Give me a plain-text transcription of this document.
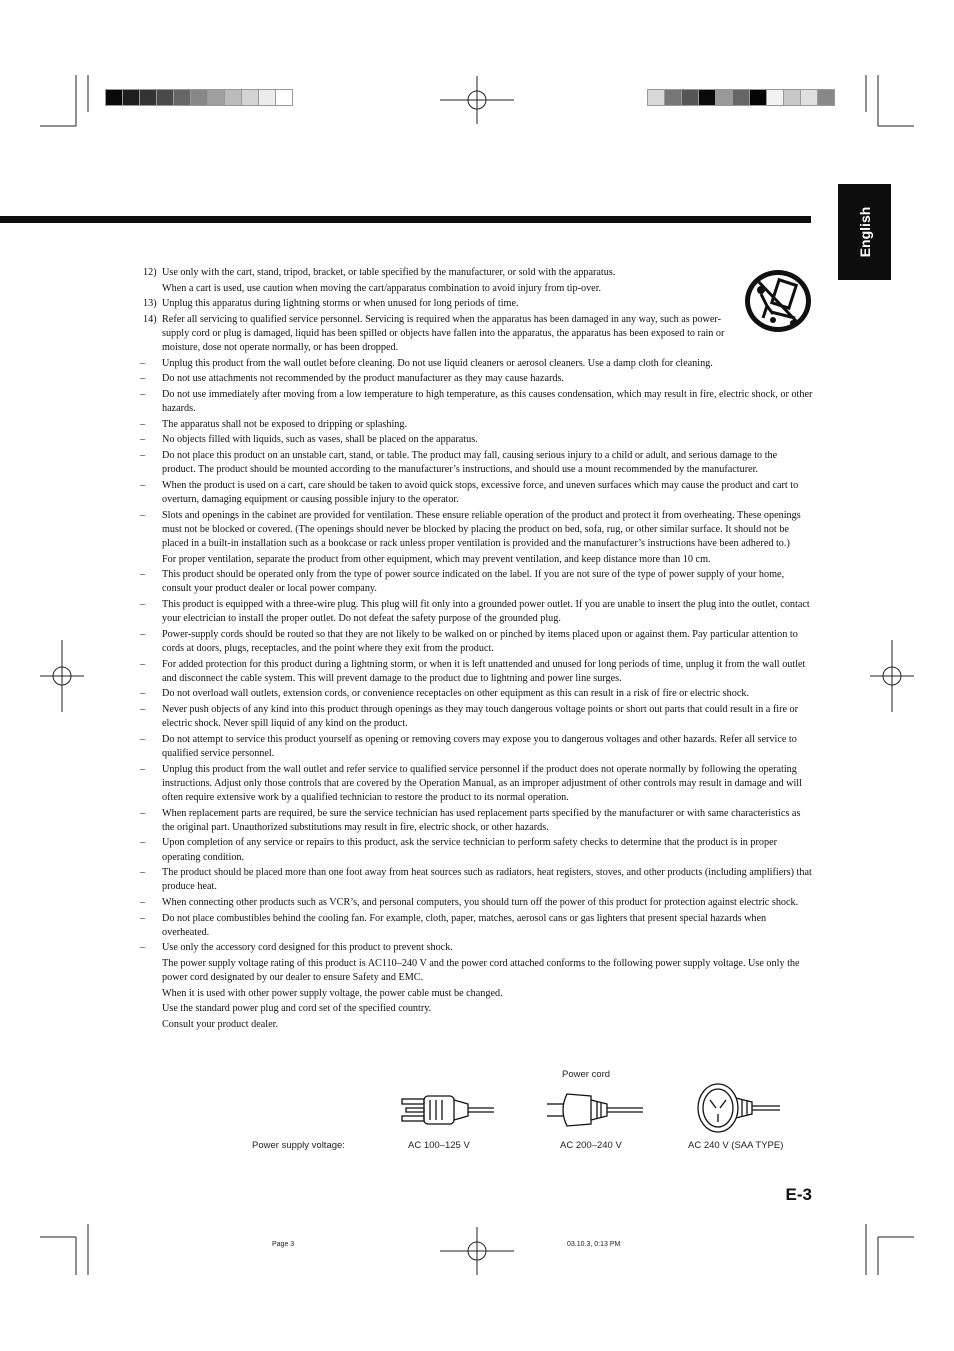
English
12) Use only with the cart, stand, tripod, bracket, or table specified by the manufacturer, or sold with the apparatus.
When a cart is used, use caution when moving the cart/apparatus combination to avoid injury from tip-over.
13) Unplug this apparatus during lightning storms or when unused for long periods of time.
14) Refer all servicing to qualified service personnel. Servicing is required when the apparatus has been damaged in any way, such as power-supply cord or plug is damaged, liquid has been spilled or objects have fallen into the apparatus, the apparatus has been exposed to rain or moisture, dose not operate normally, or has been dropped.
– Unplug this product from the wall outlet before cleaning. Do not use liquid cleaners or aerosol cleaners. Use a damp cloth for cleaning.
– Do not use attachments not recommended by the product manufacturer as they may cause hazards.
– Do not use immediately after moving from a low temperature to high temperature, as this causes condensation, which may result in fire, electric shock, or other hazards.
– The apparatus shall not be exposed to dripping or splashing.
– No objects filled with liquids, such as vases, shall be placed on the apparatus.
– Do not place this product on an unstable cart, stand, or table. The product may fall, causing serious injury to a child or adult, and serious damage to the product. The product should be mounted according to the manufacturer’s instructions, and should use a mount recommended by the manufacturer.
– When the product is used on a cart, care should be taken to avoid quick stops, excessive force, and uneven surfaces which may cause the product and cart to overturn, damaging equipment or causing possible injury to the operator.
– Slots and openings in the cabinet are provided for ventilation. These ensure reliable operation of the product and protect it from overheating. These openings must not be blocked or covered. (The openings should never be blocked by placing the product on bed, sofa, rug, or other similar surface. It should not be placed in a built-in installation such as a bookcase or rack unless proper ventilation is provided and the manufacturer’s instructions have been adhered to.)
For proper ventilation, separate the product from other equipment, which may prevent ventilation, and keep distance more than 10 cm.
– This product should be operated only from the type of power source indicated on the label. If you are not sure of the type of power supply of your home, consult your product dealer or local power company.
– This product is equipped with a three-wire plug. This plug will fit only into a grounded power outlet. If you are unable to insert the plug into the outlet, contact your electrician to install the proper outlet. Do not defeat the safety purpose of the grounded plug.
– Power-supply cords should be routed so that they are not likely to be walked on or pinched by items placed upon or against them. Pay particular attention to cords at doors, plugs, receptacles, and the point where they exit from the product.
– For added protection for this product during a lightning storm, or when it is left unattended and unused for long periods of time, unplug it from the wall outlet and disconnect the cable system. This will prevent damage to the product due to lightning and power line surges.
– Do not overload wall outlets, extension cords, or convenience receptacles on other equipment as this can result in a risk of fire or electric shock.
– Never push objects of any kind into this product through openings as they may touch dangerous voltage points or short out parts that could result in a fire or electric shock. Never spill liquid of any kind on the product.
– Do not attempt to service this product yourself as opening or removing covers may expose you to dangerous voltages and other hazards. Refer all service to qualified service personnel.
– Unplug this product from the wall outlet and refer service to qualified service personnel if the product does not operate normally by following the operating instructions. Adjust only those controls that are covered by the Operation Manual, as an improper adjustment of other controls may result in damage and will often require extensive work by a qualified technician to restore the product to its normal operation.
– When replacement parts are required, be sure the service technician has used replacement parts specified by the manufacturer or with same characteristics as the original part. Unauthorized substitutions may result in fire, electric shock, or other hazards.
– Upon completion of any service or repairs to this product, ask the service technician to perform safety checks to determine that the product is in proper operating condition.
– The product should be placed more than one foot away from heat sources such as radiators, heat registers, stoves, and other products (including amplifiers) that produce heat.
– When connecting other products such as VCR’s, and personal computers, you should turn off the power of this product for protection against electric shock.
– Do not place combustibles behind the cooling fan. For example, cloth, paper, matches, aerosol cans or gas lighters that present special hazards when overheated.
– Use only the accessory cord designed for this product to prevent shock.
The power supply voltage rating of this product is AC110–240 V and the power cord attached conforms to the following power supply voltage. Use only the power cord designated by our dealer to ensure Safety and EMC.
When it is used with other power supply voltage, the power cable must be changed.
Use the standard power plug and cord set of the specified country.
Consult your product dealer.
Power cord
Power supply voltage:	AC 100–125 V	AC 200–240 V	AC 240 V (SAA TYPE)
E-3
Page 3	03.10.3, 0:13 PM
